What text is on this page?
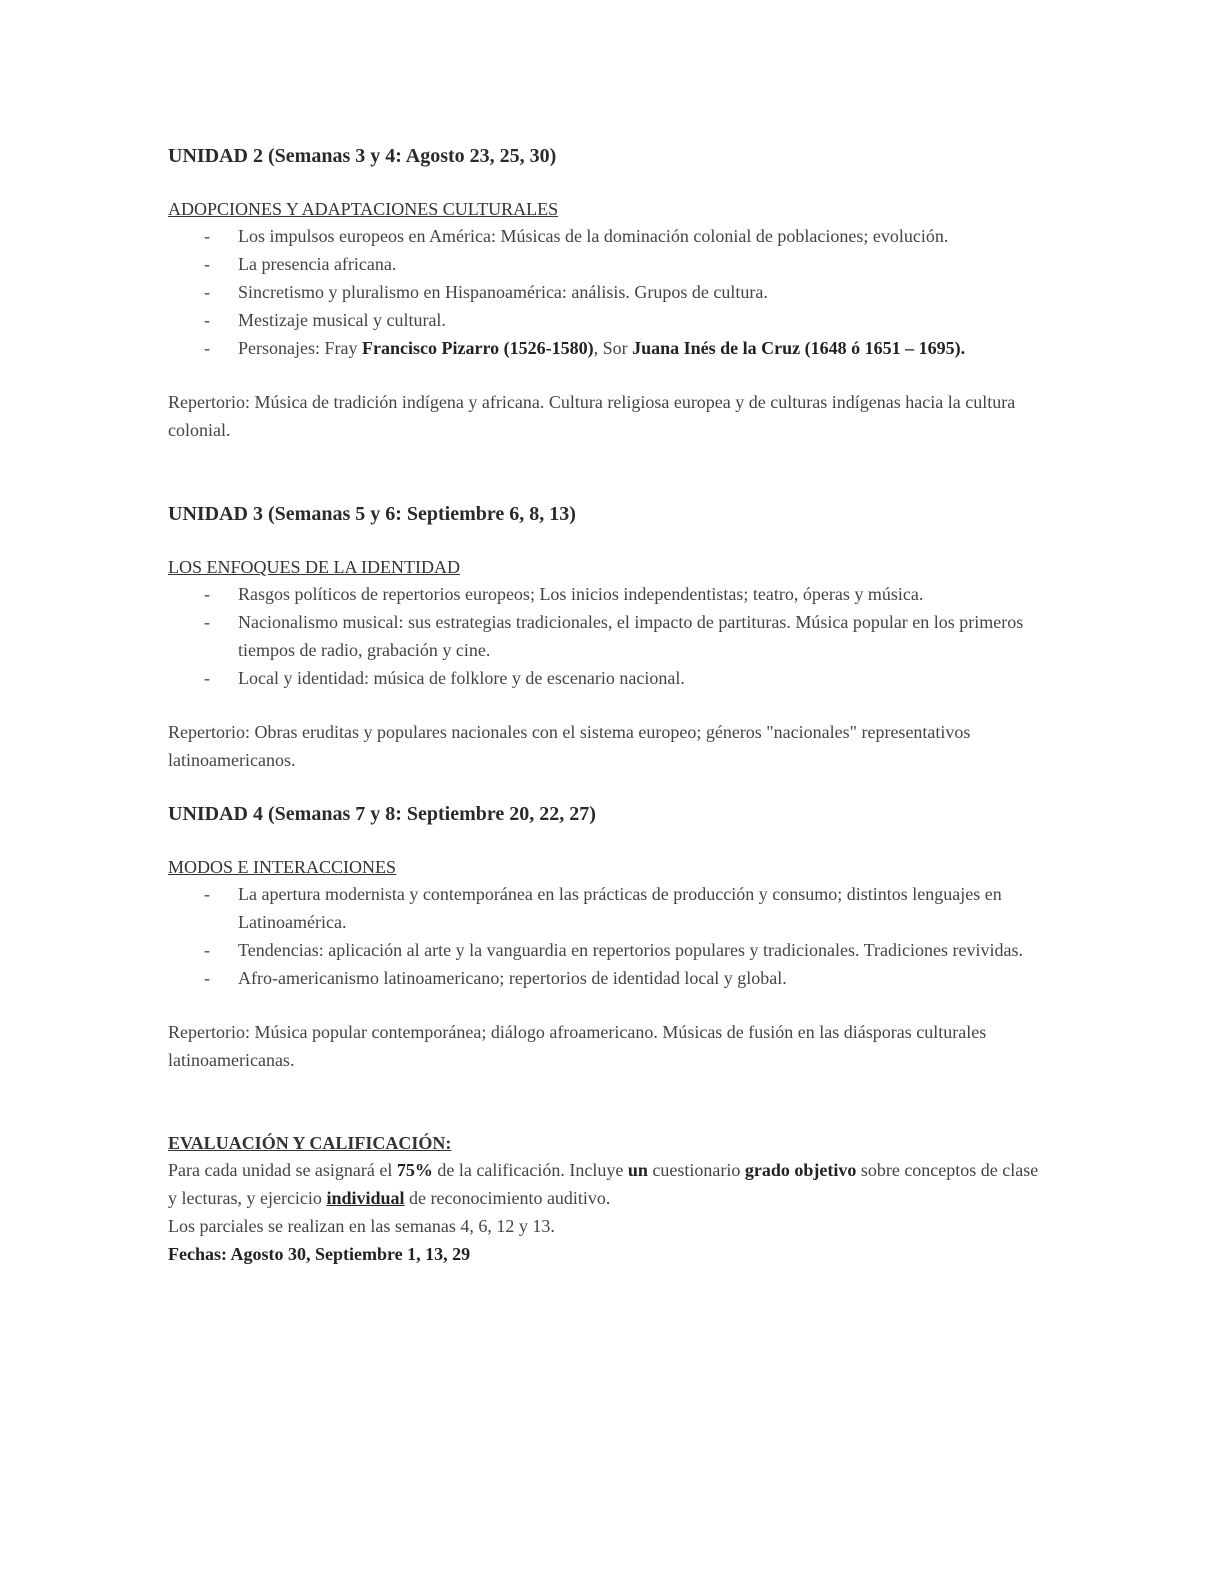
UNIDAD 2 (Semanas 3 y 4: Agosto 23, 25, 30)

ADOPCIONES Y ADAPTACIONES CULTURALES

-	Los impulsos europeos en América: Músicas de la dominación colonial de poblaciones; evolución.
-	La presencia africana.
-	Sincretismo y pluralismo en Hispanoamérica: análisis. Grupos de cultura.
-	Mestizaje musical y cultural.
-	Personajes: Fray Francisco Pizarro (1526-1580), Sor Juana Inés de la Cruz (1648 ó 1651 – 1695).

Repertorio: Música de tradición indígena y africana. Cultura religiosa europea y de culturas indígenas hacia la cultura colonial.

UNIDAD 3 (Semanas 5 y 6: Septiembre 6, 8, 13)

LOS ENFOQUES DE LA IDENTIDAD

-	Rasgos políticos de repertorios europeos; Los inicios independentistas; teatro, óperas y música.
-	Nacionalismo musical: sus estrategias tradicionales, el impacto de partituras. Música popular en los primeros tiempos de radio, grabación y cine.
-	Local y identidad: música de folklore y de escenario nacional.

Repertorio: Obras eruditas y populares nacionales con el sistema europeo; géneros "nacionales" representativos latinoamericanos.

UNIDAD 4 (Semanas 7 y 8: Septiembre 20, 22, 27)

MODOS E INTERACCIONES

-	La apertura modernista y contemporánea en las prácticas de producción y consumo; distintos lenguajes en Latinoamérica.
-	Tendencias: aplicación al arte y la vanguardia en repertorios populares y tradicionales. Tradiciones revividas.
-	Afro-americanismo latinoamericano; repertorios de identidad local y global.

Repertorio: Música popular contemporánea; diálogo afroamericano. Músicas de fusión en las diásporas culturales latinoamericanas.

EVALUACIÓN Y CALIFICACIÓN:

Para cada unidad se asignará el 75% de la calificación. Incluye un cuestionario grado objetivo sobre conceptos de clase y lecturas, y ejercicio individual de reconocimiento auditivo.

Los parciales se realizan en las semanas 4, 6, 12 y 13.

Fechas: Agosto 30, Septiembre 1, 13, 29
